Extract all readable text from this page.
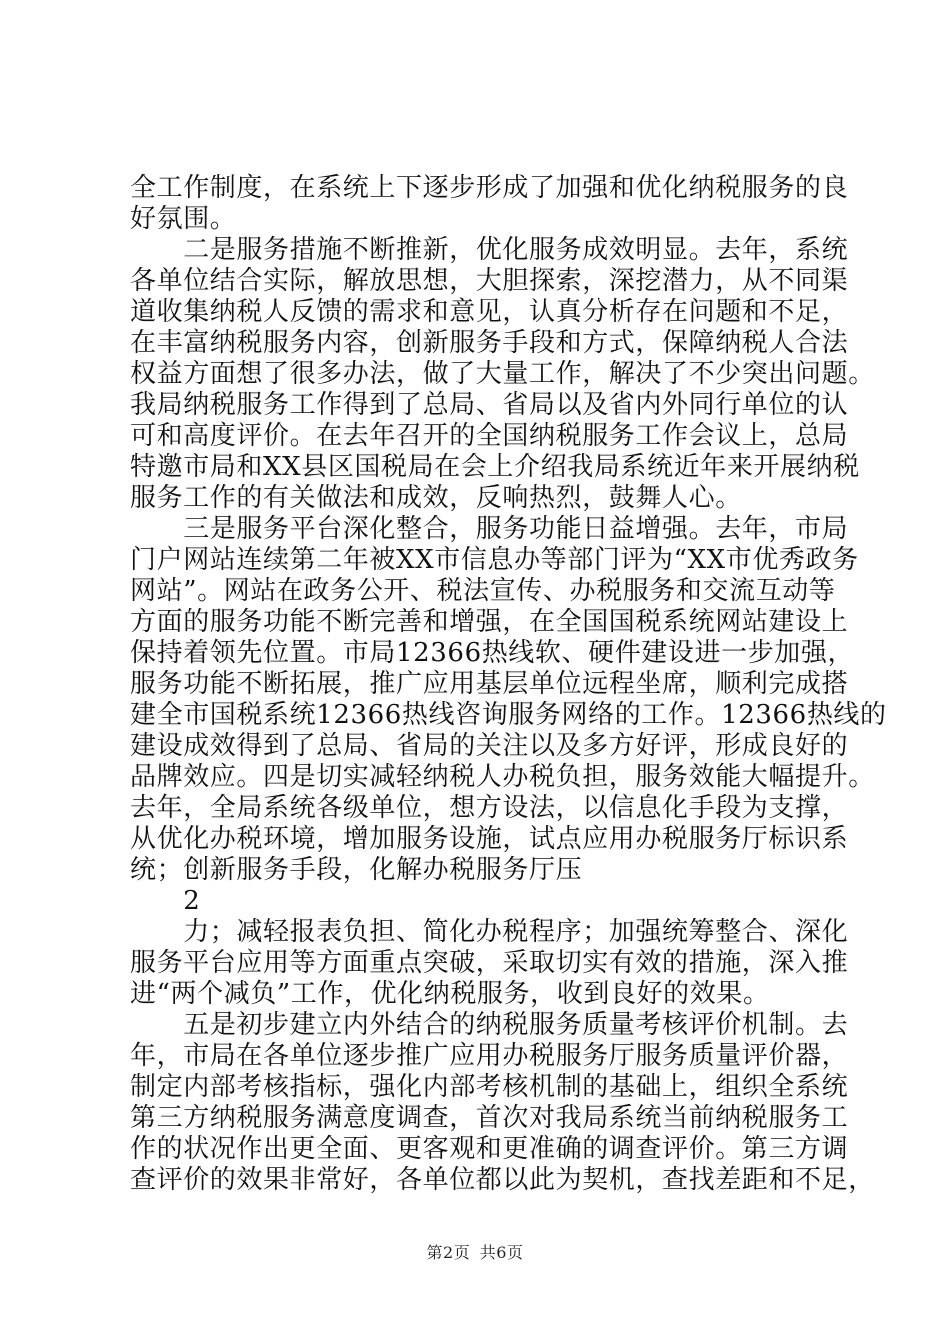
全工作制度，在系统上下逐步形成了加强和优化纳税服务的良
好氛围。
　　二是服务措施不断推新，优化服务成效明显。去年，系统
各单位结合实际，解放思想，大胆探索，深挖潜力，从不同渠
道收集纳税人反馈的需求和意见，认真分析存在问题和不足，
在丰富纳税服务内容，创新服务手段和方式，保障纳税人合法
权益方面想了很多办法，做了大量工作，解决了不少突出问题。
我局纳税服务工作得到了总局、省局以及省内外同行单位的认
可和高度评价。在去年召开的全国纳税服务工作会议上，总局
特邀市局和XX县区国税局在会上介绍我局系统近年来开展纳税
服务工作的有关做法和成效，反响热烈，鼓舞人心。
　　三是服务平台深化整合，服务功能日益增强。去年，市局
门户网站连续第二年被XX市信息办等部门评为“XX市优秀政务
网站”。网站在政务公开、税法宣传、办税服务和交流互动等
方面的服务功能不断完善和增强，在全国国税系统网站建设上
保持着领先位置。市局12366热线软、硬件建设进一步加强，
服务功能不断拓展，推广应用基层单位远程坐席，顺利完成搭
建全市国税系统12366热线咨询服务网络的工作。12366热线的
建设成效得到了总局、省局的关注以及多方好评，形成良好的
品牌效应。四是切实减轻纳税人办税负担，服务效能大幅提升。
去年，全局系统各级单位，想方设法，以信息化手段为支撑，
从优化办税环境，增加服务设施，试点应用办税服务厅标识系
统；创新服务手段，化解办税服务厅压
　　2
　　力；减轻报表负担、简化办税程序；加强统筹整合、深化
服务平台应用等方面重点突破，采取切实有效的措施，深入推
进“两个减负”工作，优化纳税服务，收到良好的效果。
　　五是初步建立内外结合的纳税服务质量考核评价机制。去
年，市局在各单位逐步推广应用办税服务厅服务质量评价器，
制定内部考核指标，强化内部考核机制的基础上，组织全系统
第三方纳税服务满意度调查，首次对我局系统当前纳税服务工
作的状况作出更全面、更客观和更准确的调查评价。第三方调
查评价的效果非常好，各单位都以此为契机，查找差距和不足，
第2页 共6页
